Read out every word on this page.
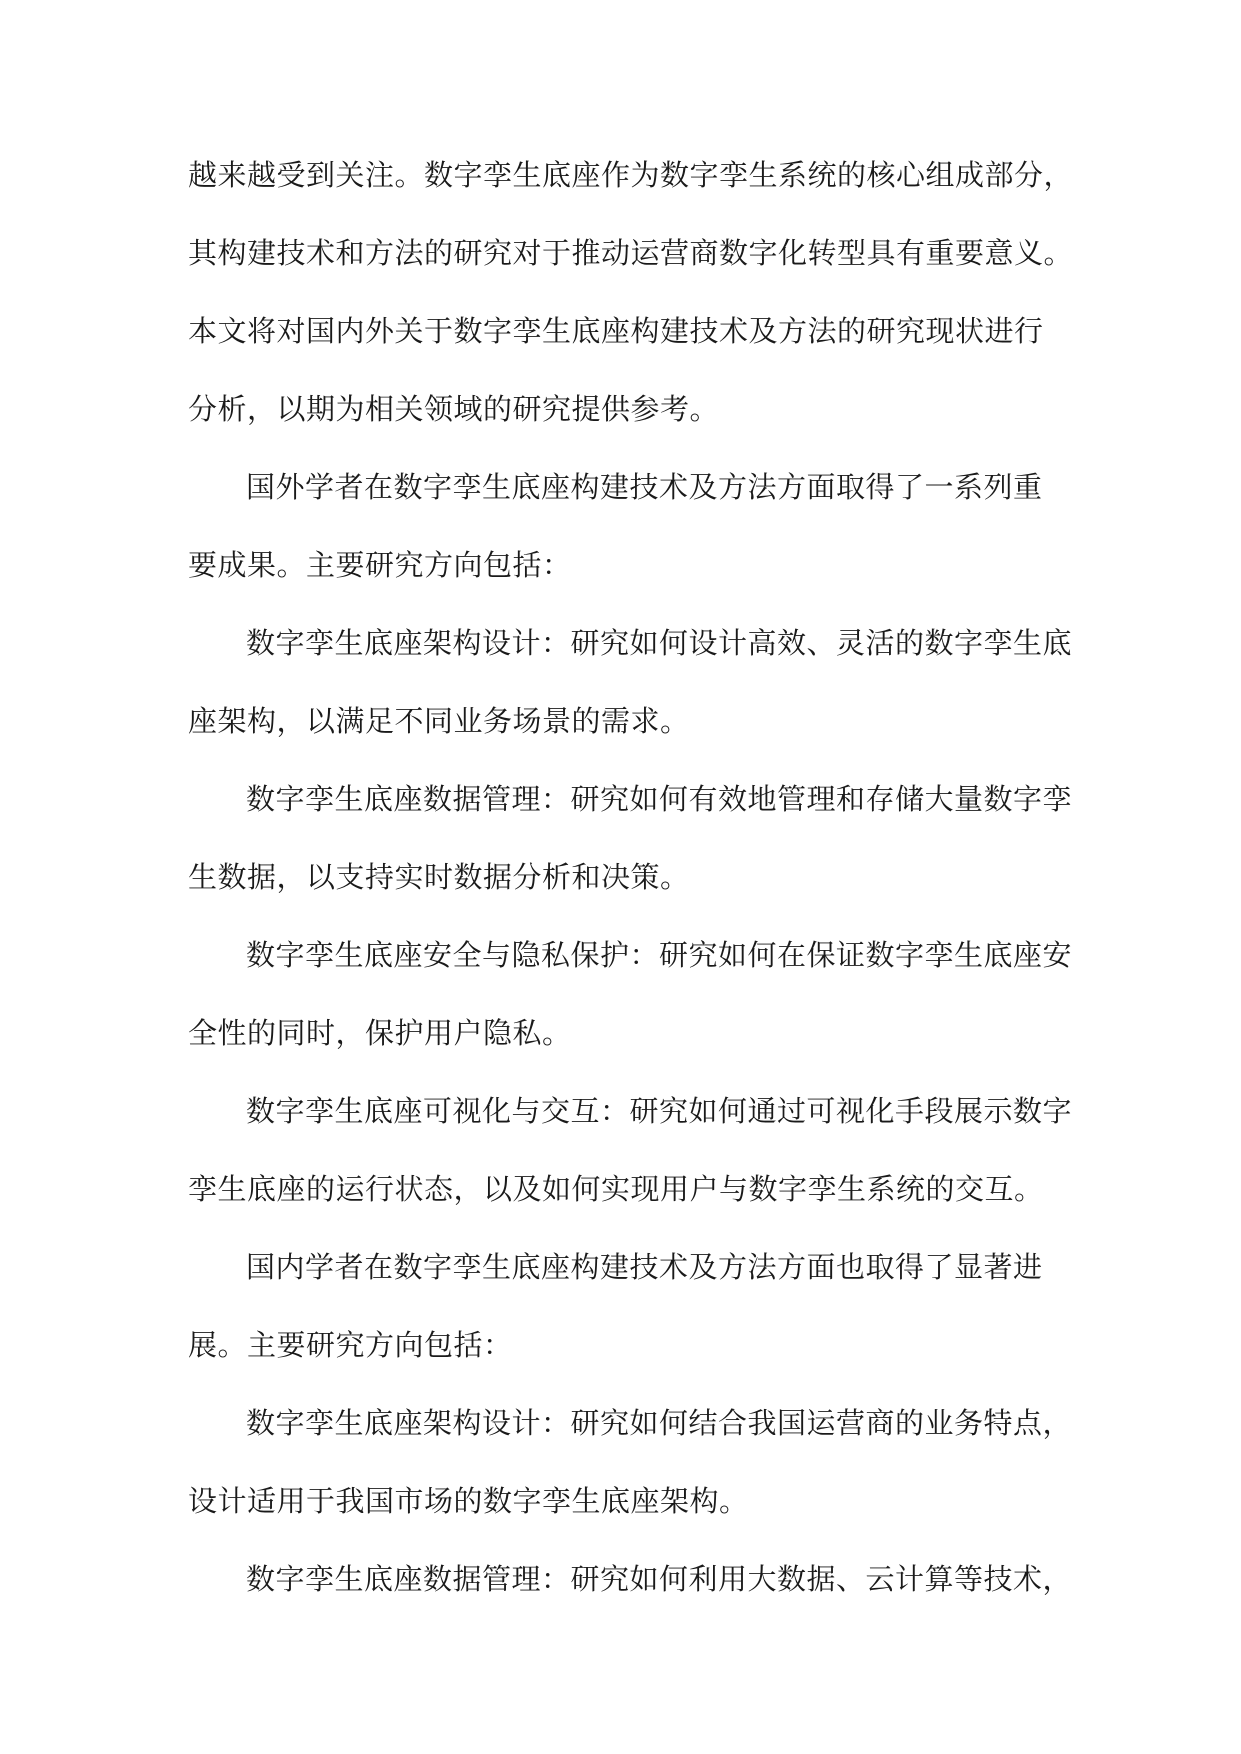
越来越受到关注。数字孪生底座作为数字孪生系统的核心组成部分，
其构建技术和方法的研究对于推动运营商数字化转型具有重要意义。
本文将对国内外关于数字孪生底座构建技术及方法的研究现状进行
分析，以期为相关领域的研究提供参考。
国外学者在数字孪生底座构建技术及方法方面取得了一系列重
要成果。主要研究方向包括：
数字孪生底座架构设计：研究如何设计高效、灵活的数字孪生底
座架构，以满足不同业务场景的需求。
数字孪生底座数据管理：研究如何有效地管理和存储大量数字孪
生数据，以支持实时数据分析和决策。
数字孪生底座安全与隐私保护：研究如何在保证数字孪生底座安
全性的同时，保护用户隐私。
数字孪生底座可视化与交互：研究如何通过可视化手段展示数字
孪生底座的运行状态，以及如何实现用户与数字孪生系统的交互。
国内学者在数字孪生底座构建技术及方法方面也取得了显著进
展。主要研究方向包括：
数字孪生底座架构设计：研究如何结合我国运营商的业务特点，
设计适用于我国市场的数字孪生底座架构。
数字孪生底座数据管理：研究如何利用大数据、云计算等技术，
